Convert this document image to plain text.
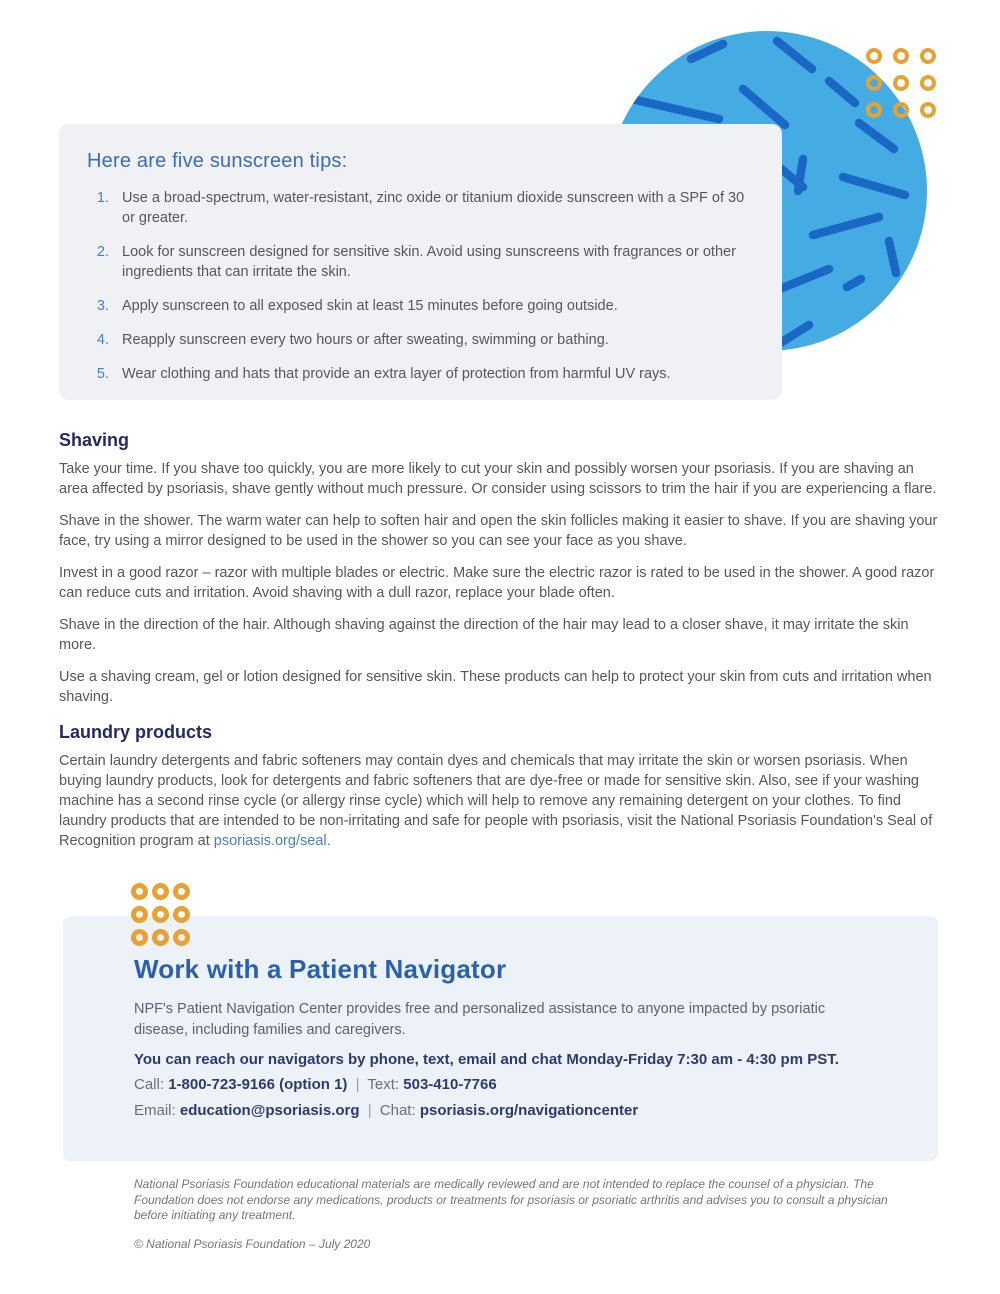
Here are five sunscreen tips:
1. Use a broad-spectrum, water-resistant, zinc oxide or titanium dioxide sunscreen with a SPF of 30 or greater.
2. Look for sunscreen designed for sensitive skin. Avoid using sunscreens with fragrances or other ingredients that can irritate the skin.
3. Apply sunscreen to all exposed skin at least 15 minutes before going outside.
4. Reapply sunscreen every two hours or after sweating, swimming or bathing.
5. Wear clothing and hats that provide an extra layer of protection from harmful UV rays.
Shaving

Take your time. If you shave too quickly, you are more likely to cut your skin and possibly worsen your psoriasis. If you are shaving an area affected by psoriasis, shave gently without much pressure. Or consider using scissors to trim the hair if you are experiencing a flare.

Shave in the shower. The warm water can help to soften hair and open the skin follicles making it easier to shave. If you are shaving your face, try using a mirror designed to be used in the shower so you can see your face as you shave.

Invest in a good razor – razor with multiple blades or electric. Make sure the electric razor is rated to be used in the shower. A good razor can reduce cuts and irritation. Avoid shaving with a dull razor, replace your blade often.

Shave in the direction of the hair. Although shaving against the direction of the hair may lead to a closer shave, it may irritate the skin more.

Use a shaving cream, gel or lotion designed for sensitive skin. These products can help to protect your skin from cuts and irritation when shaving.

Laundry products

Certain laundry detergents and fabric softeners may contain dyes and chemicals that may irritate the skin or worsen psoriasis. When buying laundry products, look for detergents and fabric softeners that are dye-free or made for sensitive skin. Also, see if your washing machine has a second rinse cycle (or allergy rinse cycle) which will help to remove any remaining detergent on your clothes. To find laundry products that are intended to be non-irritating and safe for people with psoriasis, visit the National Psoriasis Foundation's Seal of Recognition program at psoriasis.org/seal.

Work with a Patient Navigator

NPF's Patient Navigation Center provides free and personalized assistance to anyone impacted by psoriatic disease, including families and caregivers.

You can reach our navigators by phone, text, email and chat Monday-Friday 7:30 am - 4:30 pm PST.

Call: 1-800-723-9166 (option 1) | Text: 503-410-7766

Email: education@psoriasis.org | Chat: psoriasis.org/navigationcenter

National Psoriasis Foundation educational materials are medically reviewed and are not intended to replace the counsel of a physician. The Foundation does not endorse any medications, products or treatments for psoriasis or psoriatic arthritis and advises you to consult a physician before initiating any treatment.

© National Psoriasis Foundation – July 2020
